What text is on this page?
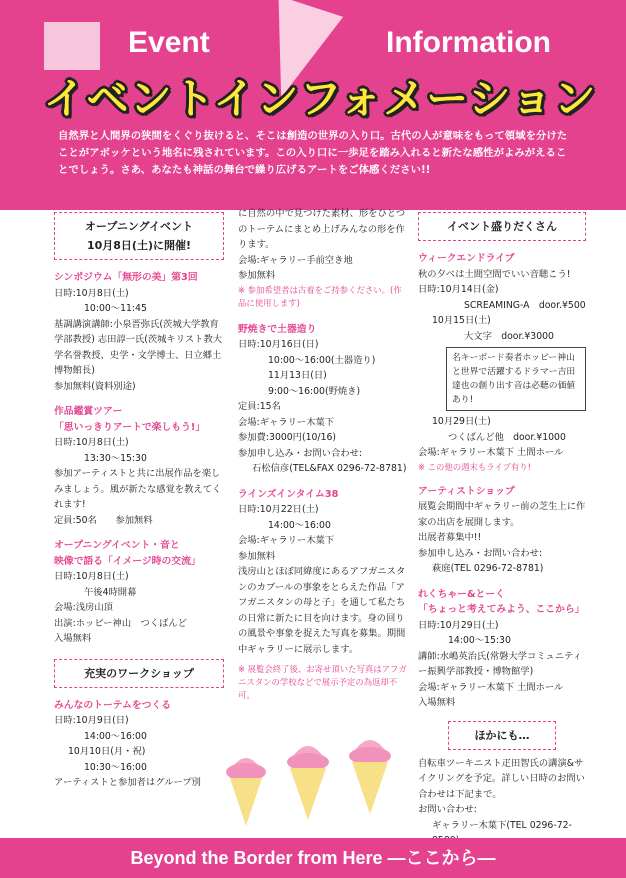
Event	Information
イベントインフォメーション
自然界と人間界の狭間をくぐり抜けると、そこは創造の世界の入り口。古代の人が意味をもって領域を分けたことがアボッケという地名に残されています。この入り口に一歩足を踏み入れると新たな感性がよみがえることでしょう。さあ、あなたも神話の舞台で繰り広げるアートをご体感ください!!
オープニングイベント
10月8日(土)に開催!

シンポジウム「無形の美」第3回

日時:10月8日(土)

10:00〜11:45

基調講演講師:小泉晋弥氏(茨城大学教育学部教授) 志田諄一氏(茨城キリスト教大学名誉教授、史学・文学博士、日立郷土博物館長)

参加無料(資料別途)

作品鑑賞ツアー

「思いっきりアートで楽しもう!」

日時:10月8日(土)

13:30〜15:30

参加アーティストと共に出展作品を楽しみましょう。風が新たな感覚を教えてくれます!

定員:50名　　参加無料

オープニングイベント・音と

映像で語る「イメージ時の交流」

日時:10月8日(土)

午後4時開幕

会場:浅房山頂

出演:ホッピー神山　つくばんど

入場無料

充実のワークショップ

みんなのトーテムをつくる

日時:10月9日(日)

14:00〜16:00

10月10日(月・祝)

10:30〜16:00

アーティストと参加者はグループ別

に自然の中で見つけた素材、形をひとつのトーテムにまとめ上げみんなの形を作ります。

会場:ギャラリー手前空き地

参加無料

※ 参加希望者は古着をご持参ください。(作品に使用します)

野焼きで土器造り

日時:10月16日(日)

10:00〜16:00(土器造り)

11月13日(日)

9:00〜16:00(野焼き)

定員:15名

会場:ギャラリー木葉下

参加費:3000円(10/16)

参加申し込み・お問い合わせ:

石松信彦(TEL&FAX 0296-72-8781)

ラインズインタイム38

日時:10月22日(土)

14:00〜16:00

会場:ギャラリー木葉下

参加無料

浅房山とほぼ同緯度にあるアフガニスタンのカブールの事象をとらえた作品「アフガニスタンの母と子」を通して私たちの日常に新たに目を向けます。身の回りの風景や事象を捉えた写真を募集。期間中ギャラリーに展示します。

※ 展覧会終了後、お寄せ頂いた写真はアフガニスタンの学校などで展示予定の為返却不可。

イベント盛りだくさん

ウィークエンドライブ

秋の夕べは土間空間でいい音聴こう!

日時:10月14日(金)

SCREAMING-A　door.¥500

10月15日(土)

大文字　door.¥3000

名キーボード奏者ホッピー神山と世界で活躍するドラマー吉田達也の創り出す音は必聴の価値あり!

10月29日(土)

つくばんど他　door.¥1000

会場:ギャラリー木葉下 土間ホール

※ この他の週末もライブ有り!

アーティストショップ

展覧会期間中ギャラリー前の芝生上に作家の出店を展開します。

出展者募集中!!

参加申し込み・お問い合わせ:

萩庭(TEL 0296-72-8781)

れくちゃー&とーく

「ちょっと考えてみよう、ここから」

日時:10月29日(土)

14:00〜15:30

講師:水嶋英治氏(常磐大学コミュニティー振興学部教授・博物館学)

会場:ギャラリー木葉下 土間ホール

入場無料

ほかにも…

自転車ツーキニスト疋田智氏の講演&サイクリングを予定。詳しい日時のお問い合わせは下記まで。

お問い合わせ:

ギャラリー木葉下(TEL 0296-72-

Beyond the Border from Here ―ここから―
